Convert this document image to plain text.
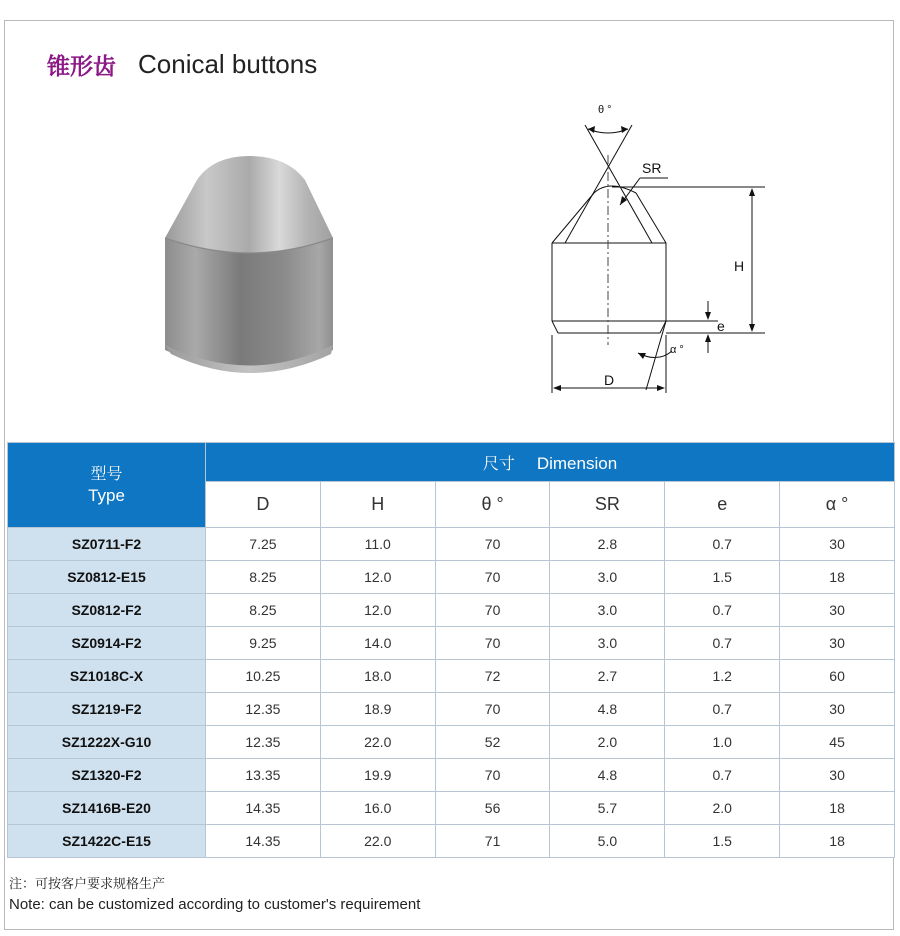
锥形齿 Conical buttons
θ °
SR
H
e
α °
D
型号
Type	尺寸 Dimension					
	D	H	θ °	SR	e	α °
SZ0711-F2	7.25	11.0	70	2.8	0.7	30
SZ0812-E15	8.25	12.0	70	3.0	1.5	18
SZ0812-F2	8.25	12.0	70	3.0	0.7	30
SZ0914-F2	9.25	14.0	70	3.0	0.7	30
SZ1018C-X	10.25	18.0	72	2.7	1.2	60
SZ1219-F2	12.35	18.9	70	4.8	0.7	30
SZ1222X-G10	12.35	22.0	52	2.0	1.0	45
SZ1320-F2	13.35	19.9	70	4.8	0.7	30
SZ1416B-E20	14.35	16.0	56	5.7	2.0	18
SZ1422C-E15	14.35	22.0	71	5.0	1.5	18
注：可按客户要求规格生产
Note: can be customized according to customer's requirement
